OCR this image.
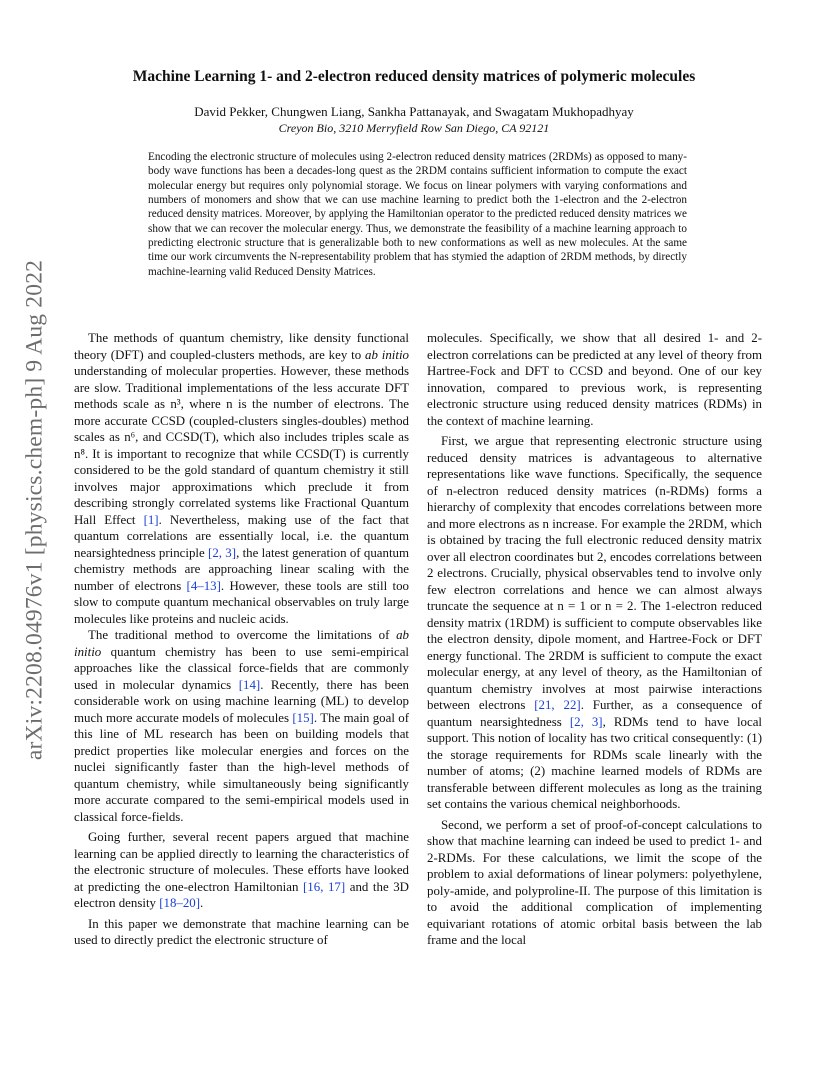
arXiv:2208.04976v1 [physics.chem-ph] 9 Aug 2022
Machine Learning 1- and 2-electron reduced density matrices of polymeric molecules
David Pekker, Chungwen Liang, Sankha Pattanayak, and Swagatam Mukhopadhyay
Creyon Bio, 3210 Merryfield Row San Diego, CA 92121

Encoding the electronic structure of molecules using 2-electron reduced density matrices (2RDMs) as opposed to many-body wave functions has been a decades-long quest as the 2RDM contains sufficient information to compute the exact molecular energy but requires only polynomial storage. We focus on linear polymers with varying conformations and numbers of monomers and show that we can use machine learning to predict both the 1-electron and the 2-electron reduced density matrices. Moreover, by applying the Hamiltonian operator to the predicted reduced density matrices we show that we can recover the molecular energy. Thus, we demonstrate the feasibility of a machine learning approach to predicting electronic structure that is generalizable both to new conformations as well as new molecules. At the same time our work circumvents the N-representability problem that has stymied the adaption of 2RDM methods, by directly machine-learning valid Reduced Density Matrices.

The methods of quantum chemistry, like density functional theory (DFT) and coupled-clusters methods, are key to ab initio understanding of molecular properties. However, these methods are slow. Traditional implementations of the less accurate DFT methods scale as n³, where n is the number of electrons. The more accurate CCSD (coupled-clusters singles-doubles) method scales as n⁶, and CCSD(T), which also includes triples scale as n⁸. It is important to recognize that while CCSD(T) is currently considered to be the gold standard of quantum chemistry it still involves major approximations which preclude it from describing strongly correlated systems like Fractional Quantum Hall Effect [1]. Nevertheless, making use of the fact that quantum correlations are essentially local, i.e. the quantum nearsightedness principle [2, 3], the latest generation of quantum chemistry methods are approaching linear scaling with the number of electrons [4–13]. However, these tools are still too slow to compute quantum mechanical observables on truly large molecules like proteins and nucleic acids.

The traditional method to overcome the limitations of ab initio quantum chemistry has been to use semi-empirical approaches like the classical force-fields that are commonly used in molecular dynamics [14]. Recently, there has been considerable work on using machine learning (ML) to develop much more accurate models of molecules [15]. The main goal of this line of ML research has been on building models that predict properties like molecular energies and forces on the nuclei significantly faster than the high-level methods of quantum chemistry, while simultaneously being significantly more accurate compared to the semi-empirical models used in classical force-fields.

Going further, several recent papers argued that machine learning can be applied directly to learning the characteristics of the electronic structure of molecules. These efforts have looked at predicting the one-electron Hamiltonian [16, 17] and the 3D electron density [18–20].

In this paper we demonstrate that machine learning can be used to directly predict the electronic structure of

molecules. Specifically, we show that all desired 1- and 2-electron correlations can be predicted at any level of theory from Hartree-Fock and DFT to CCSD and beyond. One of our key innovation, compared to previous work, is representing electronic structure using reduced density matrices (RDMs) in the context of machine learning.

First, we argue that representing electronic structure using reduced density matrices is advantageous to alternative representations like wave functions. Specifically, the sequence of n-electron reduced density matrices (n-RDMs) forms a hierarchy of complexity that encodes correlations between more and more electrons as n increase. For example the 2RDM, which is obtained by tracing the full electronic reduced density matrix over all electron coordinates but 2, encodes correlations between 2 electrons. Crucially, physical observables tend to involve only few electron correlations and hence we can almost always truncate the sequence at n = 1 or n = 2. The 1-electron reduced density matrix (1RDM) is sufficient to compute observables like the electron density, dipole moment, and Hartree-Fock or DFT energy functional. The 2RDM is sufficient to compute the exact molecular energy, at any level of theory, as the Hamiltonian of quantum chemistry involves at most pairwise interactions between electrons [21, 22]. Further, as a consequence of quantum nearsightedness [2, 3], RDMs tend to have local support. This notion of locality has two critical consequently: (1) the storage requirements for RDMs scale linearly with the number of atoms; (2) machine learned models of RDMs are transferable between different molecules as long as the training set contains the various chemical neighborhoods.

Second, we perform a set of proof-of-concept calculations to show that machine learning can indeed be used to predict 1- and 2-RDMs. For these calculations, we limit the scope of the problem to axial deformations of linear polymers: polyethylene, poly-amide, and polyproline-II. The purpose of this limitation is to avoid the additional complication of implementing equivariant rotations of atomic orbital basis between the lab frame and the local
